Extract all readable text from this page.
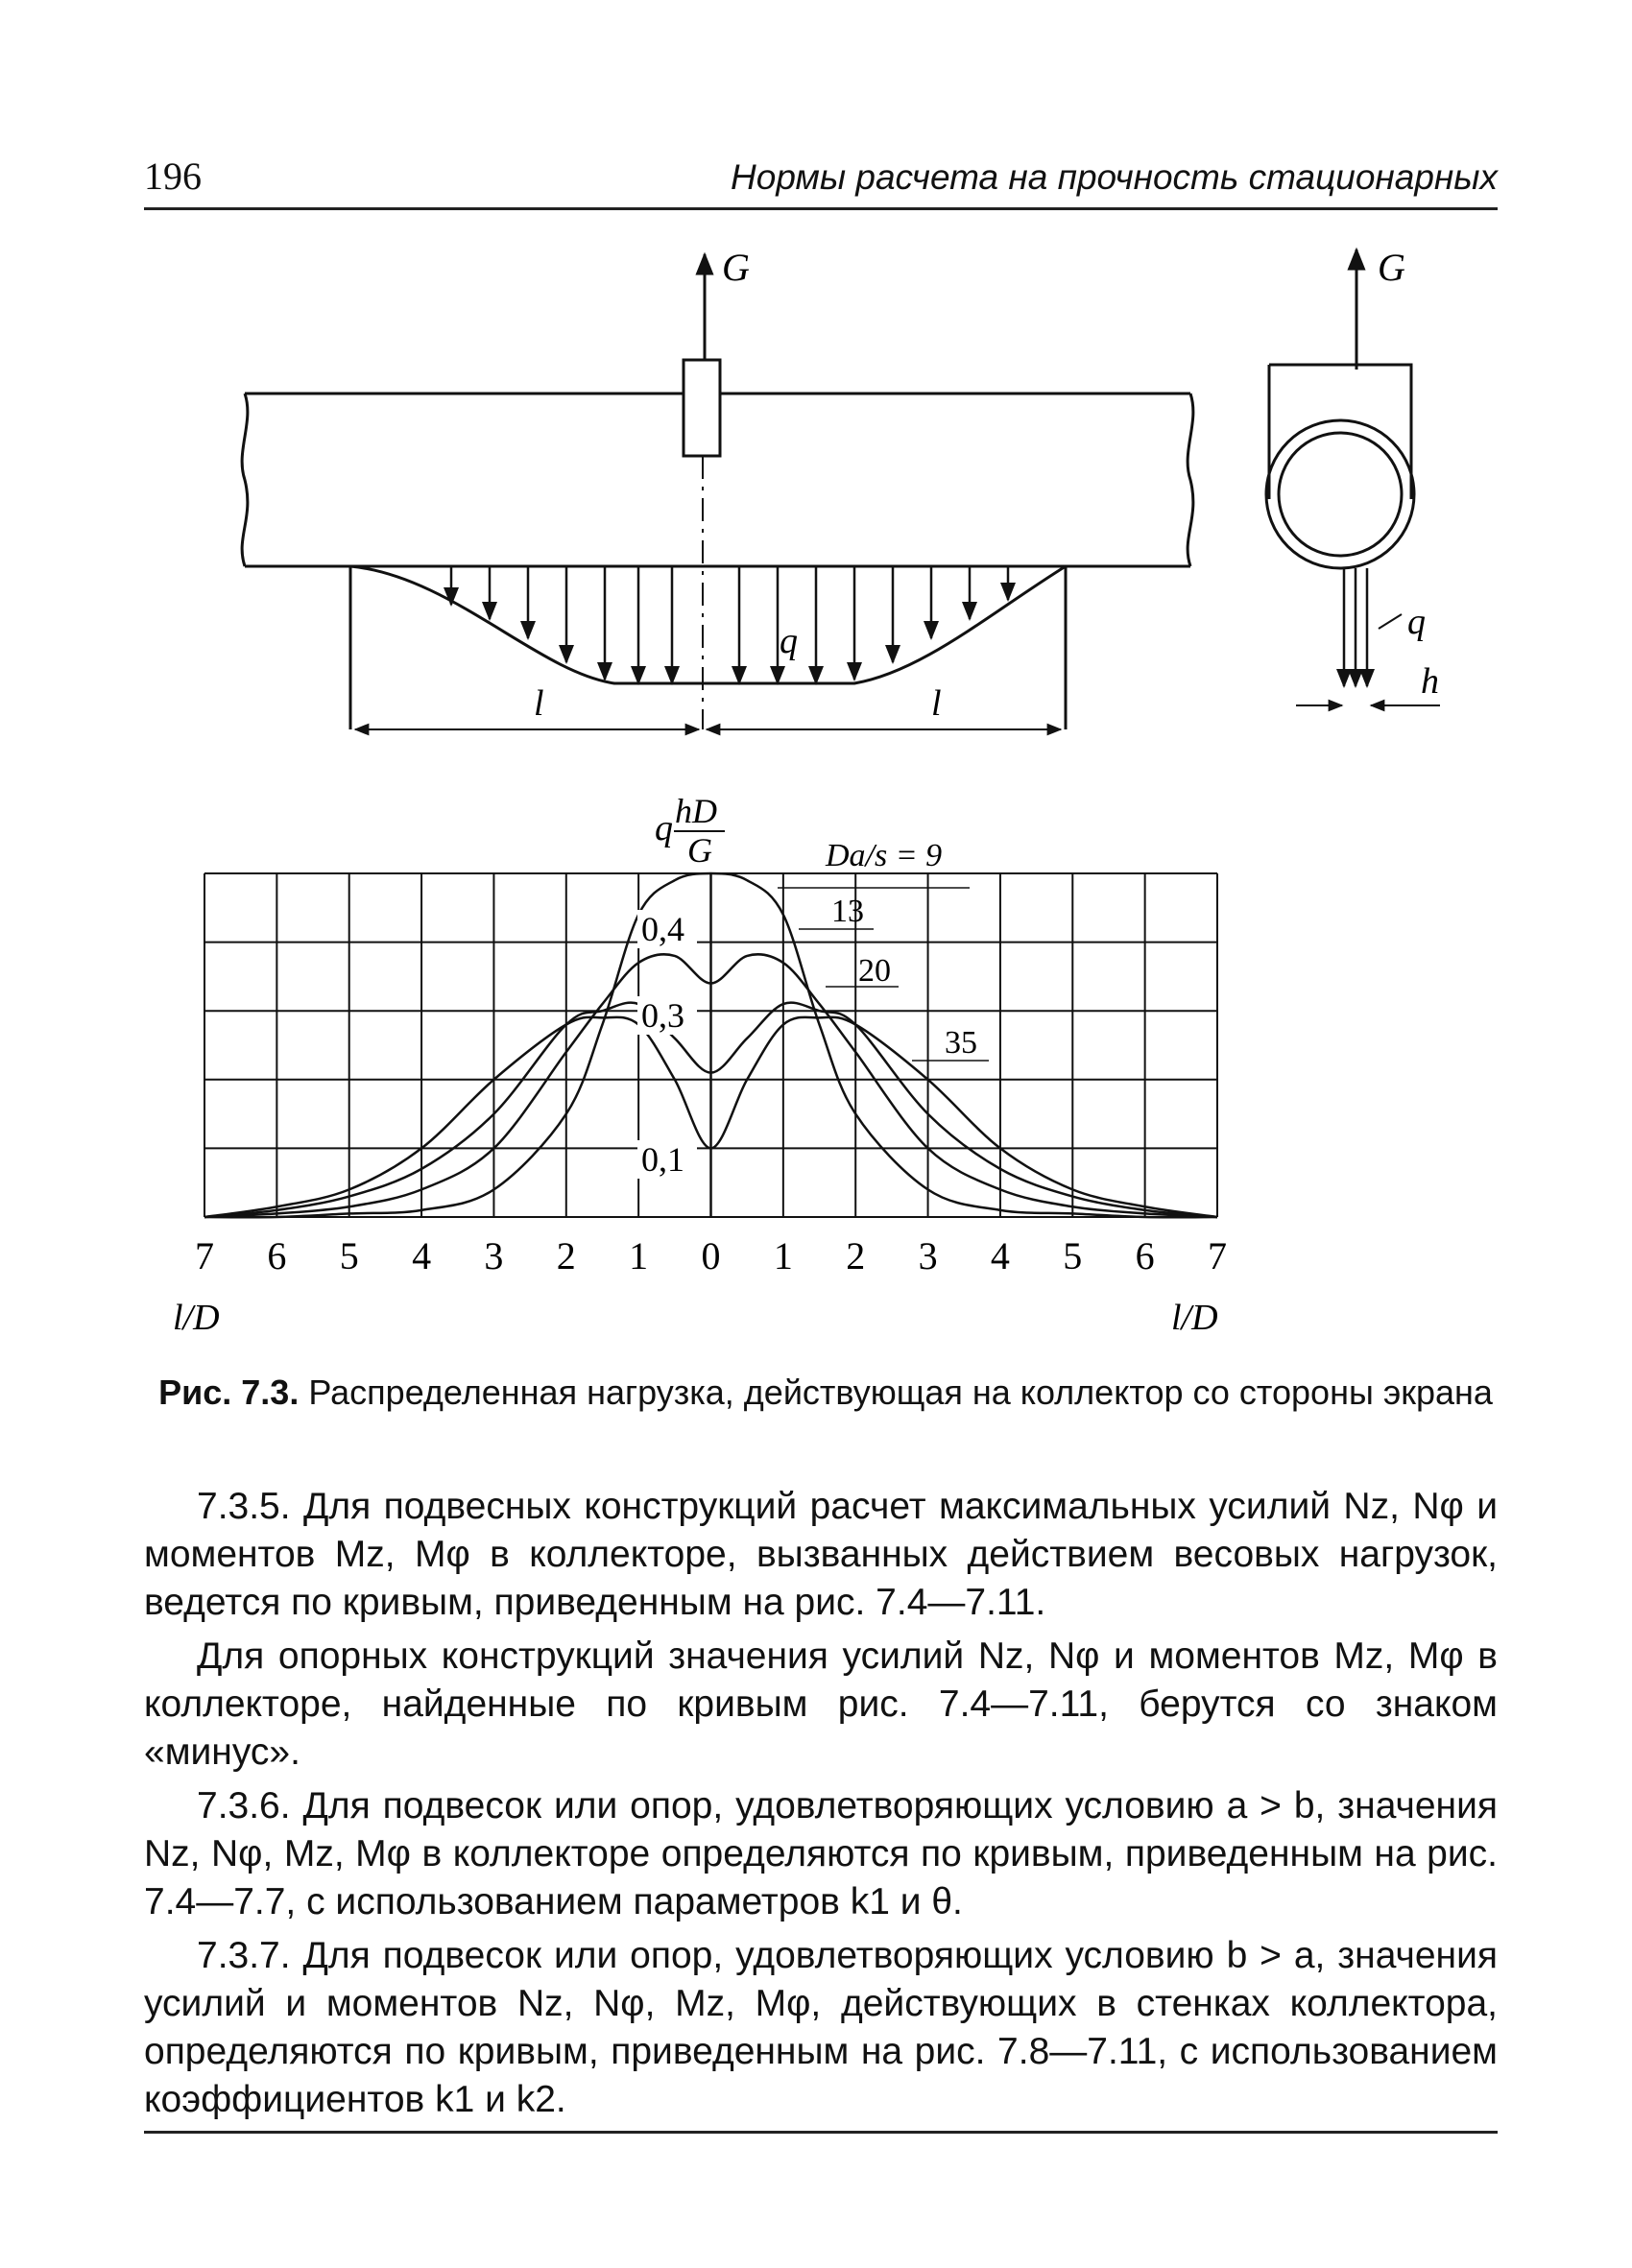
196	Нормы расчета на прочность стационарных
G
q
l	l
G
q
h
7 6 5 4 3 2 1 0 1 2 3 4 5 6 7
q hD
G
0,4
0,3
0,1
Da/s = 9
13
20
35
l/D	l/D
Рис. 7.3. Распределенная нагрузка, действующая на коллектор со стороны экрана

7.3.5. Для подвесных конструкций расчет максимальных усилий Nz, Nφ и моментов Mz, Mφ в коллекторе, вызванных действием весовых нагрузок, ведется по кривым, приведенным на рис. 7.4—7.11.

Для опорных конструкций значения усилий Nz, Nφ и моментов Mz, Mφ в коллекторе, найденные по кривым рис. 7.4—7.11, берутся со знаком «минус».

7.3.6. Для подвесок или опор, удовлетворяющих условию a > b, значения Nz, Nφ, Mz, Mφ в коллекторе определяются по кривым, приведенным на рис. 7.4—7.7, с использованием параметров k1 и θ.

7.3.7. Для подвесок или опор, удовлетворяющих условию b > a, значения усилий и моментов Nz, Nφ, Mz, Mφ, действующих в стенках коллектора, определяются по кривым, приведенным на рис. 7.8—7.11, с использованием коэффициентов k1 и k2.
